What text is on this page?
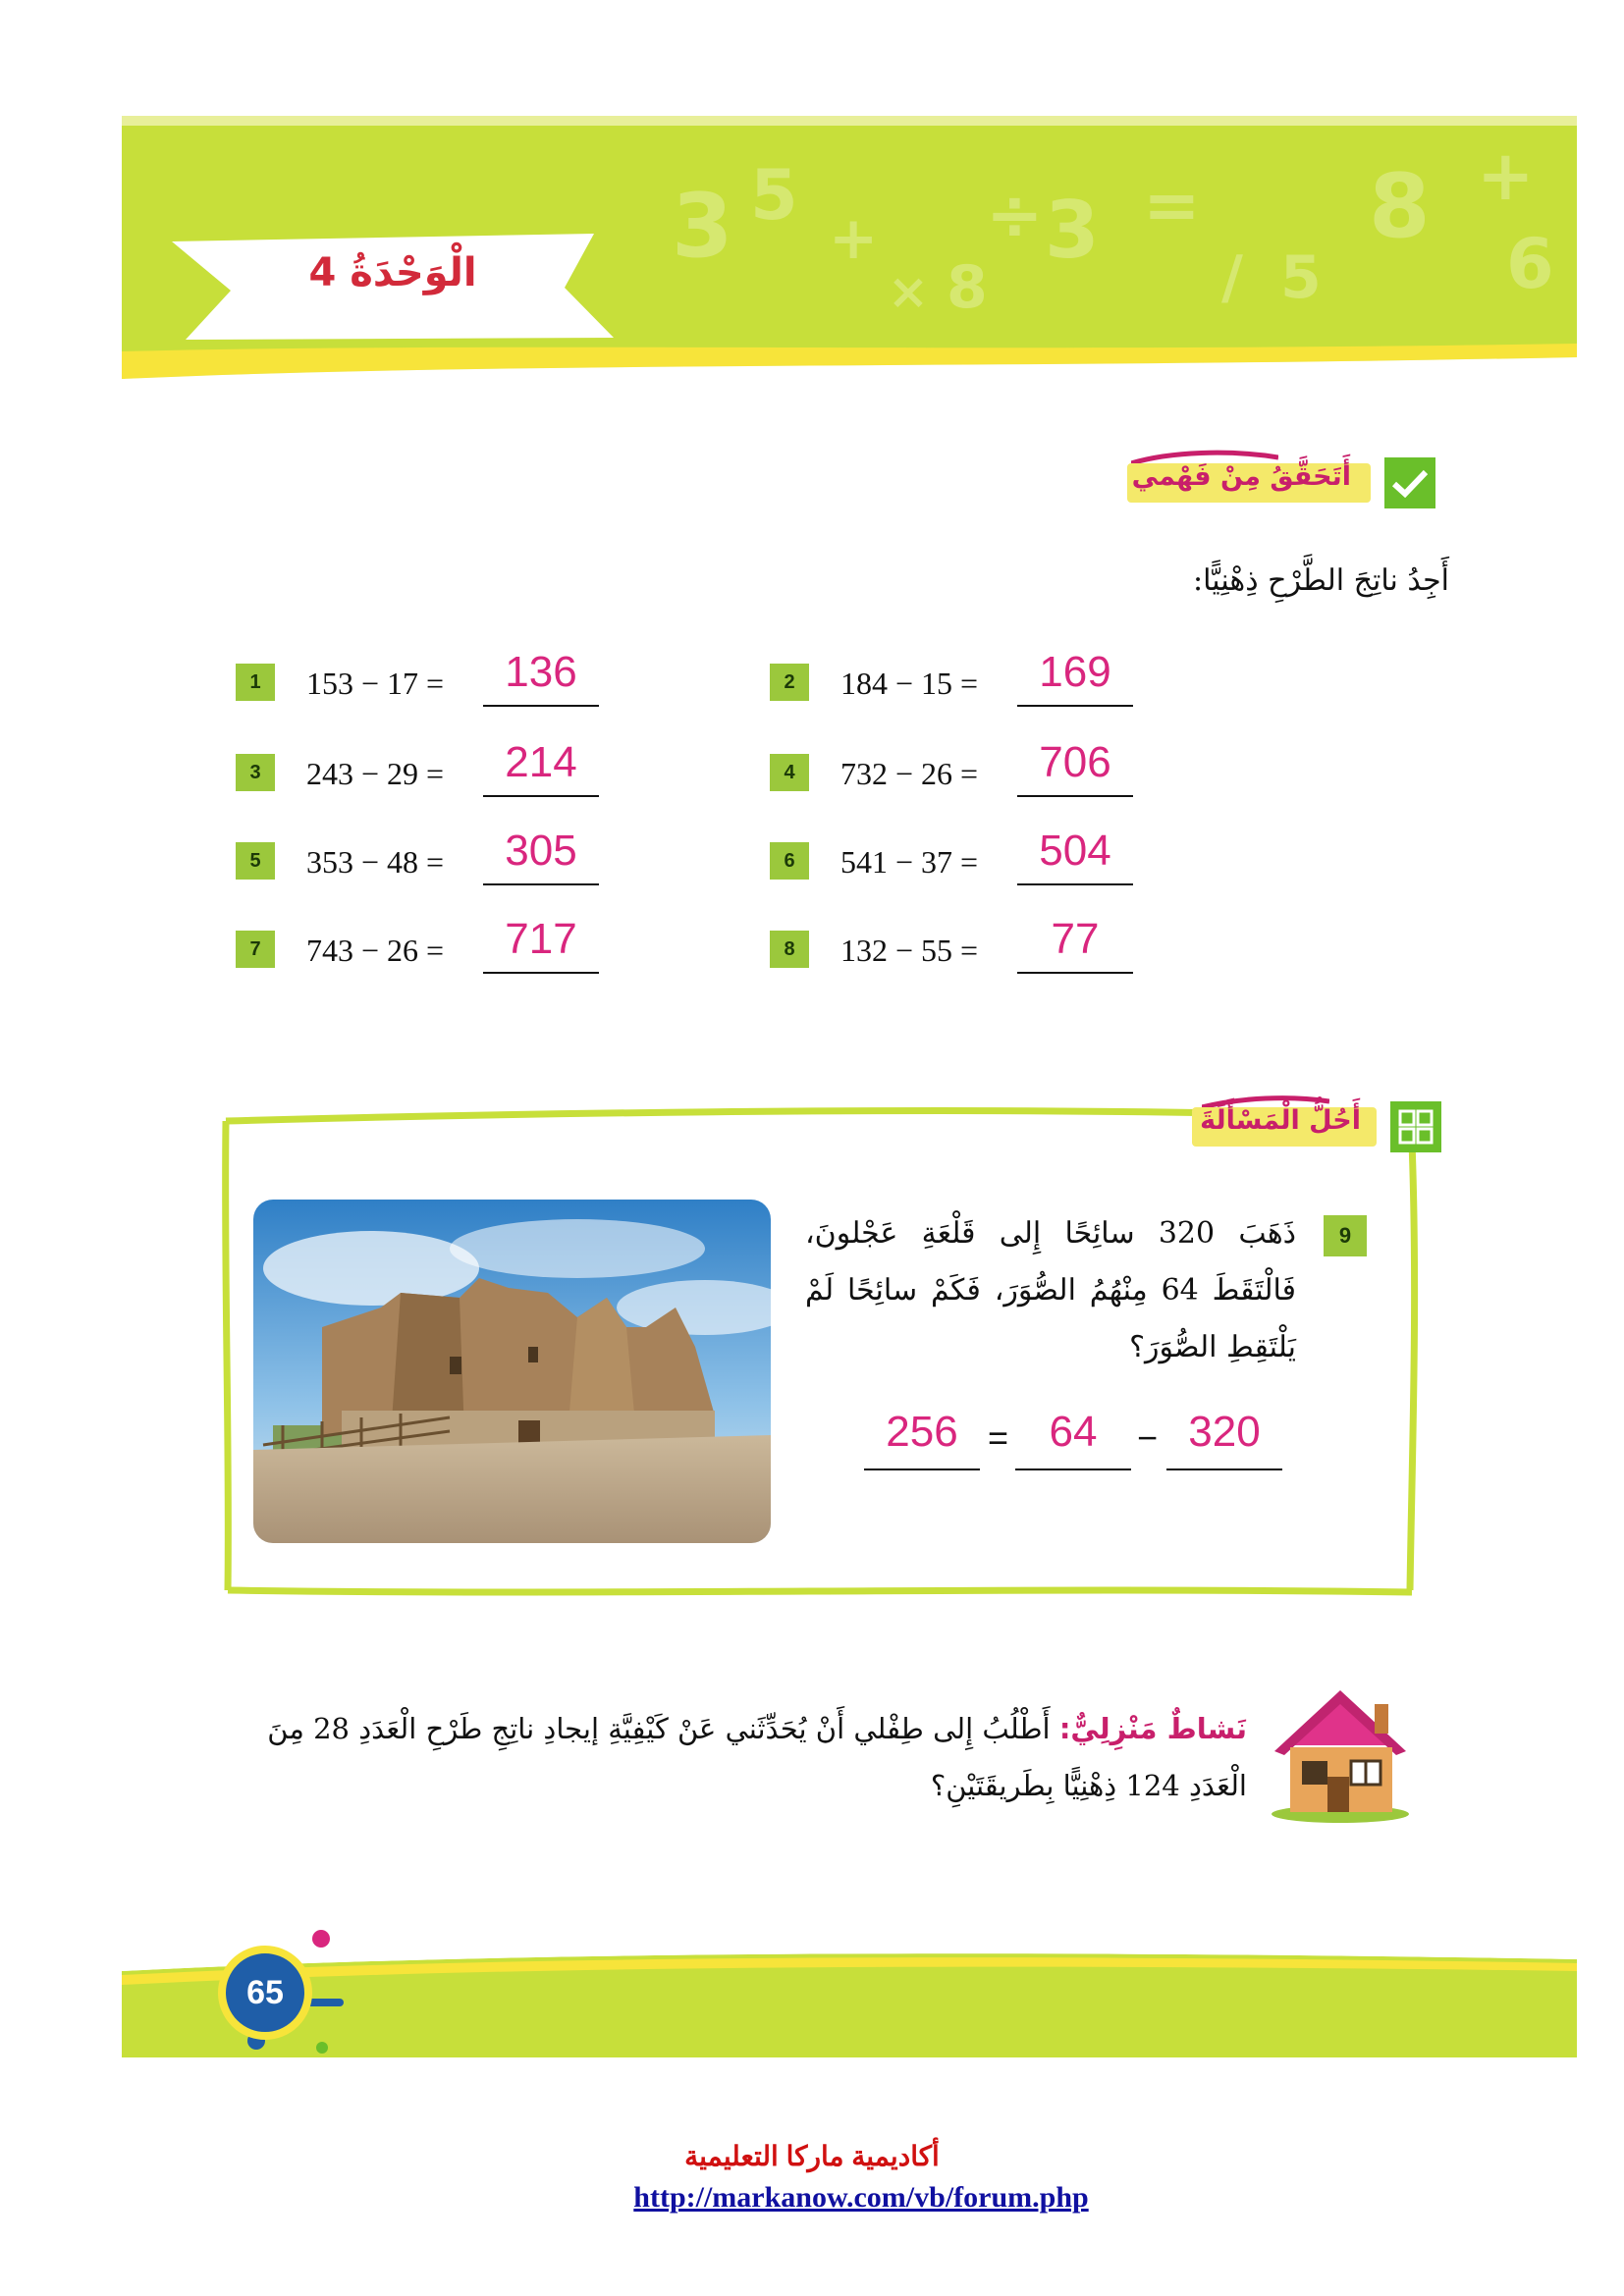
3 5
+ ÷ 3 =
/ 5
8 +
6
× 8
الْوَحْدَةُ 4
أَتَحَقَّقُ مِنْ فَهْمي
أَجِدُ ناتِجَ الطَّرْحِ ذِهْنِيًّا:
1	153 − 17 =	136	2	184 − 15 =	169
3	243 − 29 =	214	4	732 − 26 =	706
5	353 − 48 =	305	6	541 − 37 =	504
7	743 − 26 =	717	8	132 − 55 =	77
أَحُلُّ الْمَسْأَلَةَ
9
ذَهَبَ 320 سائِحًا إِلى قَلْعَةِ عَجْلونَ، فَالْتَقَطَ 64 مِنْهُمُ الصُّوَرَ، فَكَمْ سائِحًا لَمْ يَلْتَقِطِ الصُّوَرَ؟
320
−
64
=
256
نَشاطٌ مَنْزِلِيٌّ: أَطْلُبُ إِلى طِفْلي أَنْ يُحَدِّثَني عَنْ كَيْفِيَّةِ إيجادِ ناتِجِ طَرْحِ الْعَدَدِ 28 مِنَ الْعَدَدِ 124 ذِهْنِيًّا بِطَريقَتَيْنِ؟
65
أكاديمية ماركا التعليمية
http://markanow.com/vb/forum.php
